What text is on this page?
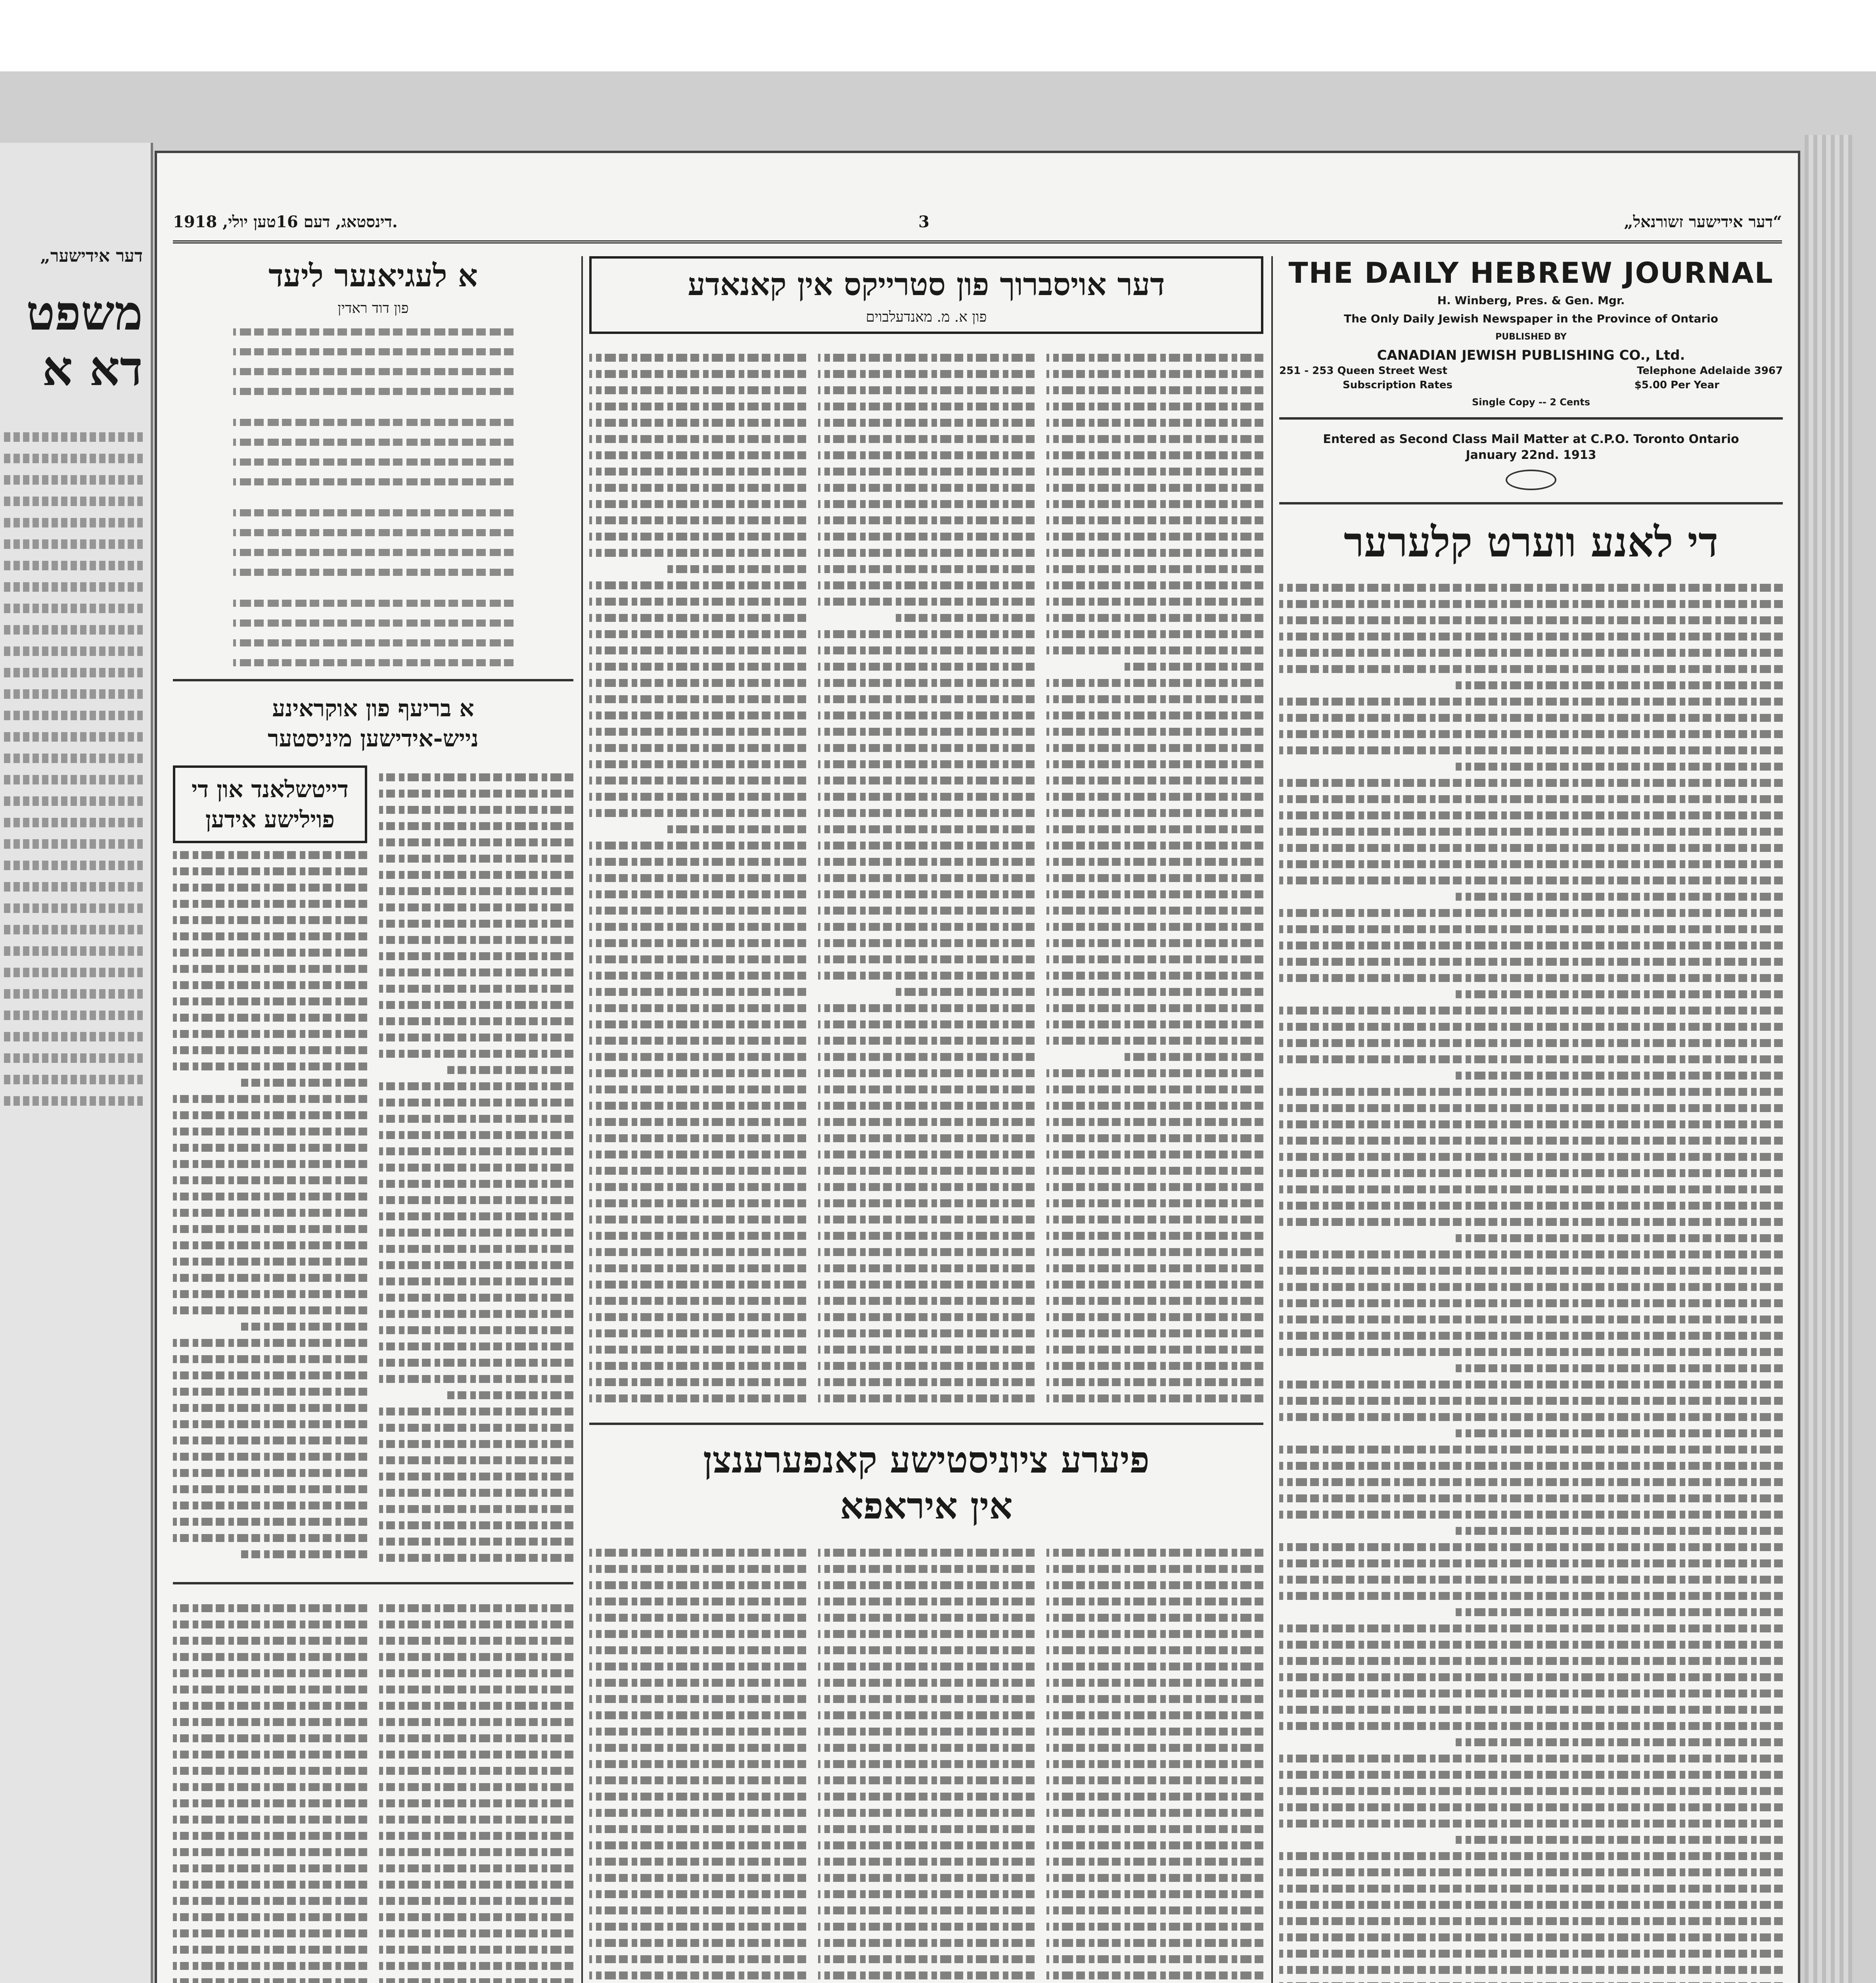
„דער אידישער
משפט
דא א
דינסטאג, דעם 16טען יולי, 1918.	3	„דער אידישער זשורנאל“
א לעגיאנער ליעד
פון דוד ראדין
א בריעף פון אוקראינע
נייש-אידישען מיניסטער
דייטשלאנד און די
פוילישע אידען
דער אויסברוך פון סטרייקס אין קאנאדע
פון א. מ. מאנדעלבוים
פיערע ציוניסטישע קאנפערענצן
אין איראפא
THE DAILY HEBREW JOURNAL
H. Winberg, Pres. & Gen. Mgr.
The Only Daily Jewish Newspaper in the Province of Ontario
PUBLISHED BY
CANADIAN JEWISH PUBLISHING CO., Ltd.
251 - 253 Queen Street West	Telephone Adelaide 3967
Subscription Rates	$5.00 Per Year
Single Copy -- 2 Cents
Entered as Second Class Mail Matter at C.P.O. Toronto Ontario
January 22nd. 1913
די לאנע ווערט קלערער
